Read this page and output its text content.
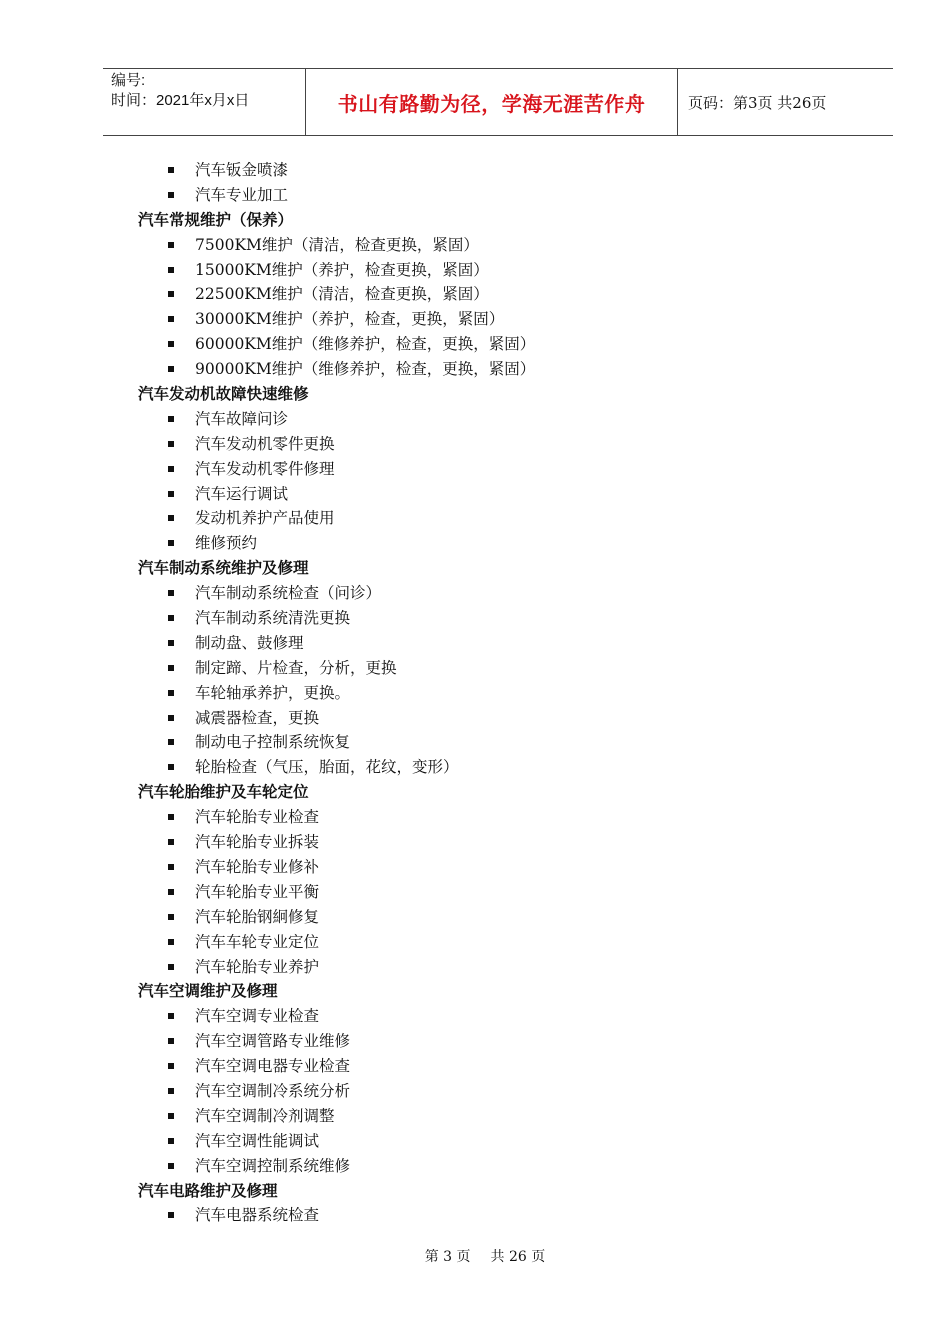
编号:
时间：2021年x月x日	书山有路勤为径，学海无涯苦作舟	页码：第3页 共26页
汽车钣金喷漆
汽车专业加工
汽车常规维护（保养）
7500KM维护（清洁，检查更换，紧固）
15000KM维护（养护，检查更换，紧固）
22500KM维护（清洁，检查更换，紧固）
30000KM维护（养护，检查，更换，紧固）
60000KM维护（维修养护，检查，更换，紧固）
90000KM维护（维修养护，检查，更换，紧固）
汽车发动机故障快速维修
汽车故障问诊
汽车发动机零件更换
汽车发动机零件修理
汽车运行调试
发动机养护产品使用
维修预约
汽车制动系统维护及修理
汽车制动系统检查（问诊）
汽车制动系统清洗更换
制动盘、鼓修理
制定蹄、片检查，分析，更换
车轮轴承养护，更换。
减震器检查，更换
制动电子控制系统恢复
轮胎检查（气压，胎面，花纹，变形）
汽车轮胎维护及车轮定位
汽车轮胎专业检查
汽车轮胎专业拆装
汽车轮胎专业修补
汽车轮胎专业平衡
汽车轮胎钢絅修复
汽车车轮专业定位
汽车轮胎专业养护
汽车空调维护及修理
汽车空调专业检查
汽车空调管路专业维修
汽车空调电器专业检查
汽车空调制冷系统分析
汽车空调制冷剂调整
汽车空调性能调试
汽车空调控制系统维修
汽车电路维护及修理
汽车电器系统检查
第 3 页 共 26 页
